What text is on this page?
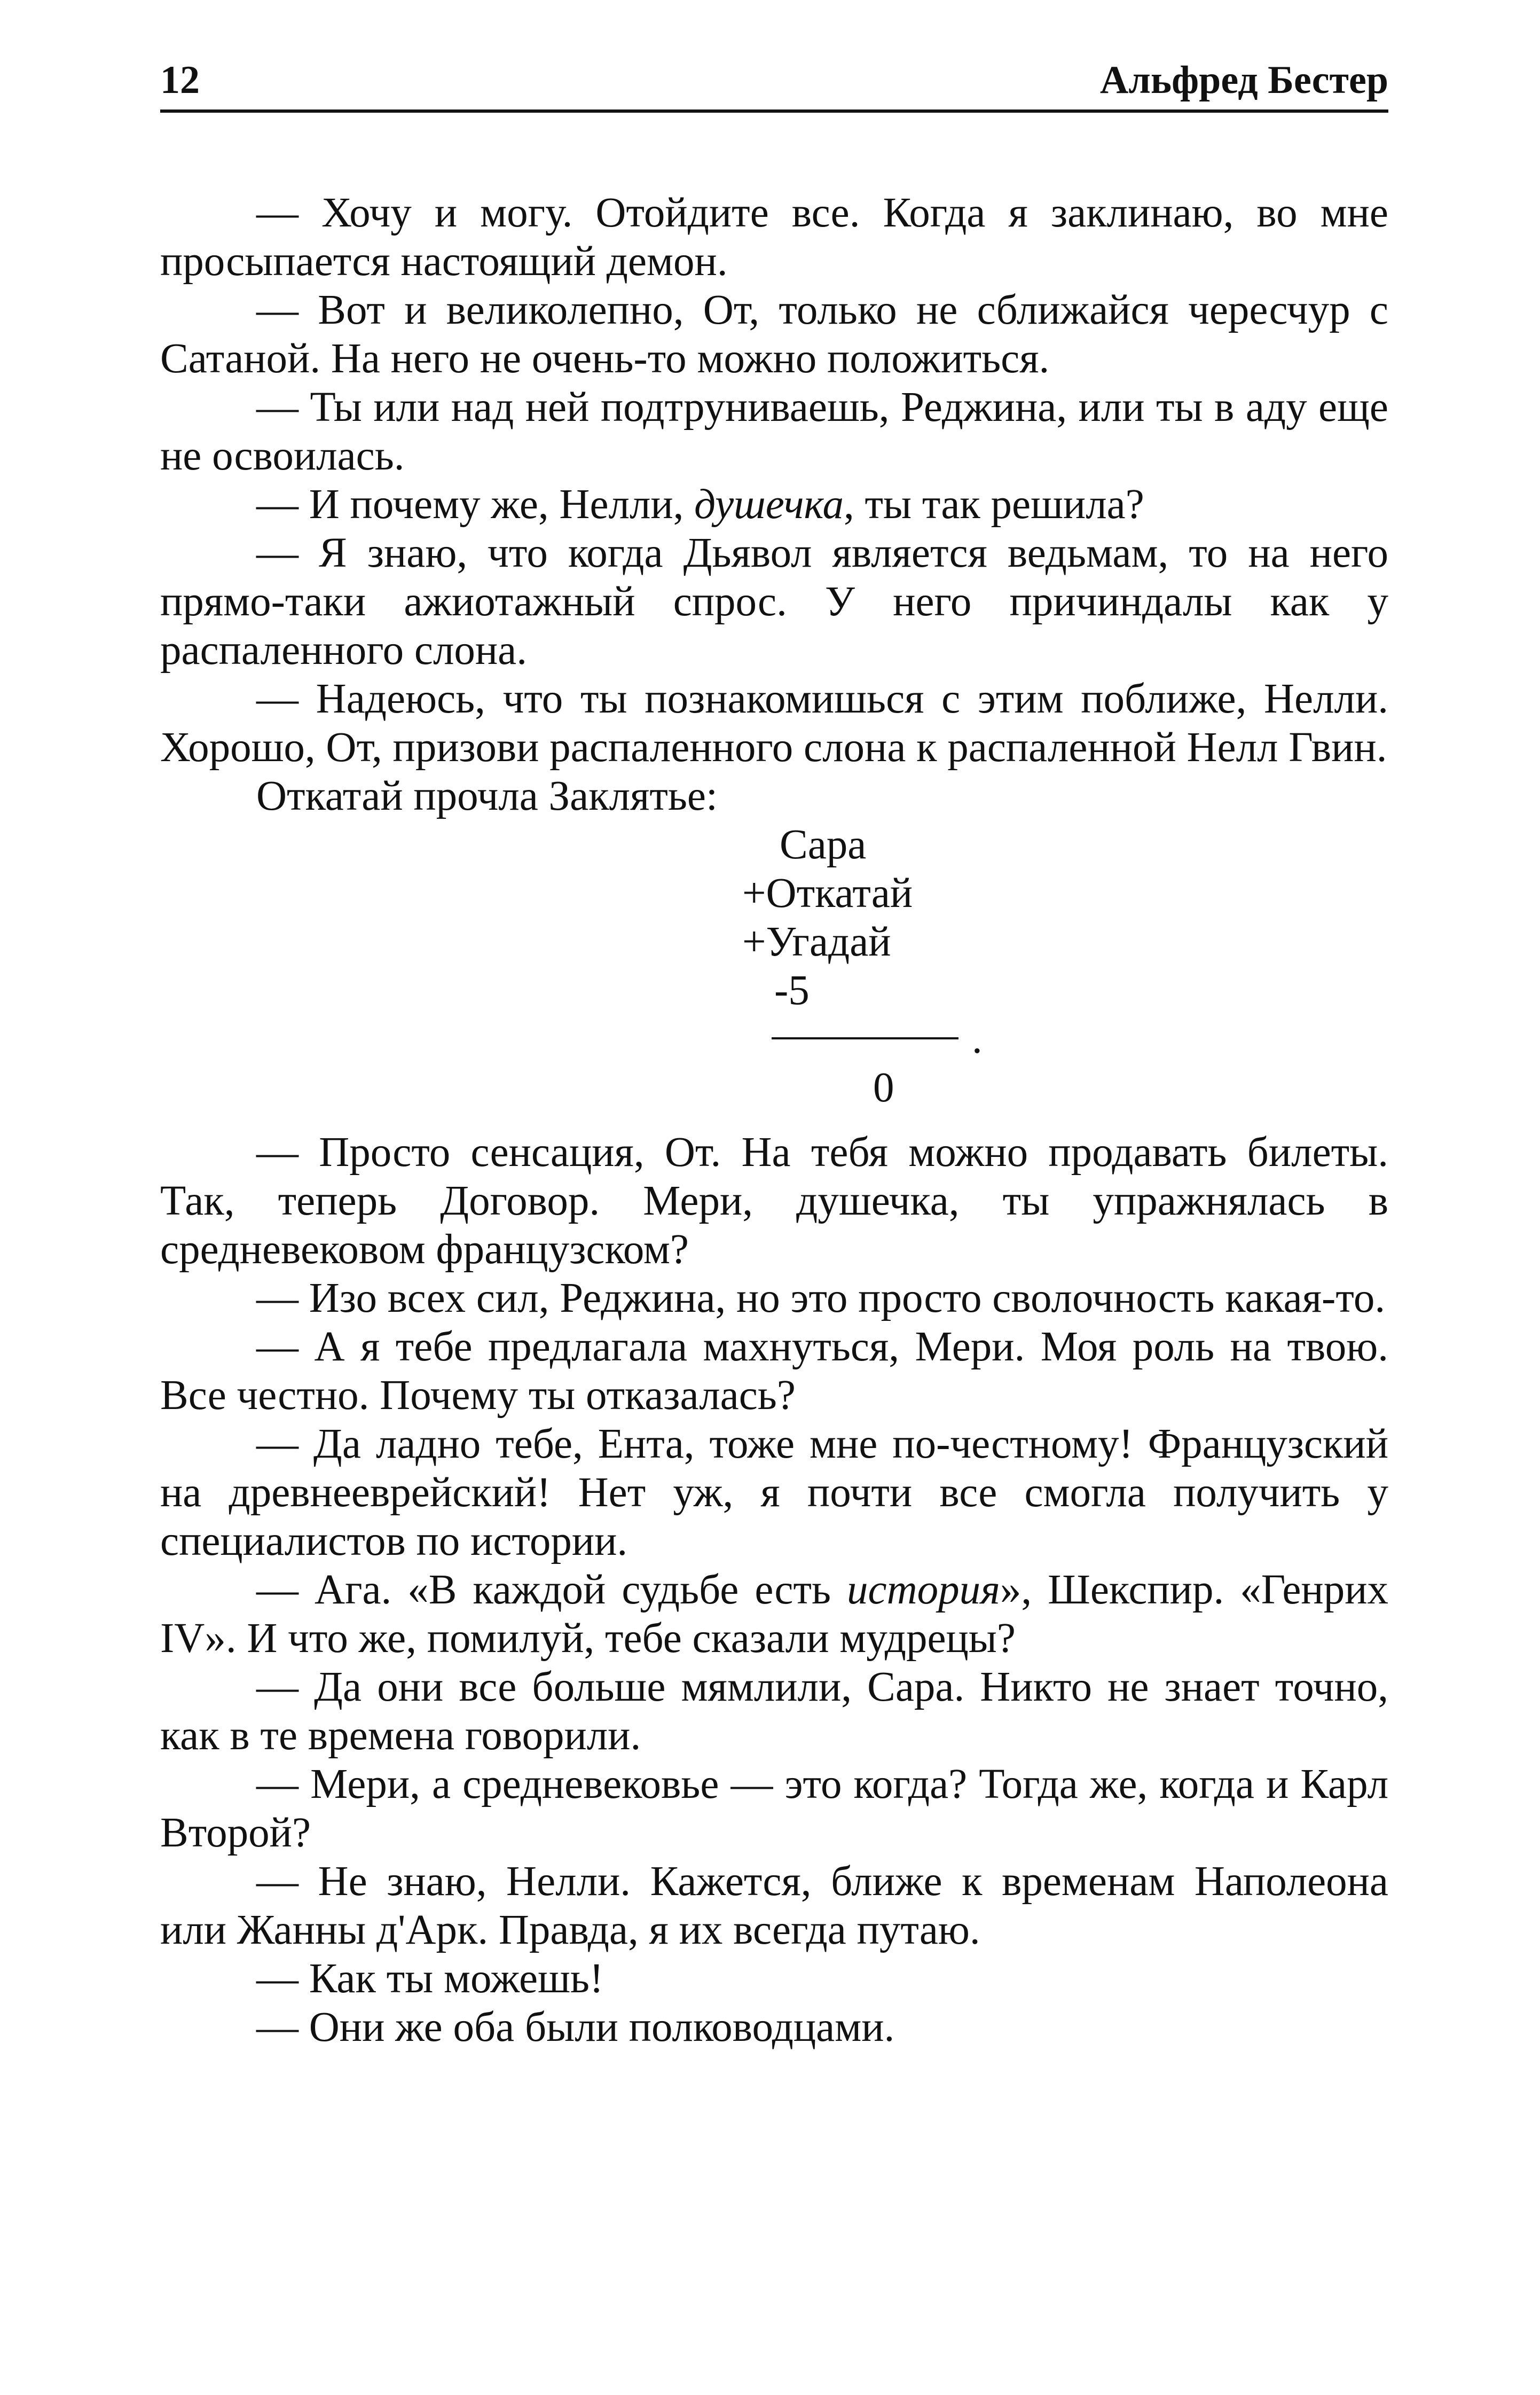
12	Альфред Бестер

— Хочу и могу. Отойдите все. Когда я заклинаю, во мне просыпается настоящий демон.

— Вот и великолепно, От, только не сближайся чересчур с Сатаной. На него не очень-то можно положиться.

— Ты или над ней подтруниваешь, Реджина, или ты в аду еще не освоилась.

— И почему же, Нелли, душечка, ты так решила?

— Я знаю, что когда Дьявол является ведьмам, то на него прямо-таки ажиотажный спрос. У него причиндалы как у распаленного слона.

— Надеюсь, что ты познакомишься с этим поближе, Нелли. Хорошо, От, призови распаленного слона к распаленной Нелл Гвин.

Откатай прочла Заклятье:

Сара
+Откатай
+Угадай
-5
.
0

— Просто сенсация, От. На тебя можно продавать билеты. Так, теперь Договор. Мери, душечка, ты упражнялась в средневековом французском?

— Изо всех сил, Реджина, но это просто сволочность какая-то.

— А я тебе предлагала махнуться, Мери. Моя роль на твою. Все честно. Почему ты отказалась?

— Да ладно тебе, Ента, тоже мне по-честному! Французский на древнееврейский! Нет уж, я почти все смогла получить у специалистов по истории.

— Ага. «В каждой судьбе есть история», Шекспир. «Генрих IV». И что же, помилуй, тебе сказали мудрецы?

— Да они все больше мямлили, Сара. Никто не знает точно, как в те времена говорили.

— Мери, а средневековье — это когда? Тогда же, когда и Карл Второй?

— Не знаю, Нелли. Кажется, ближе к временам Наполеона или Жанны д'Арк. Правда, я их всегда путаю.

— Как ты можешь!

— Они же оба были полководцами.
